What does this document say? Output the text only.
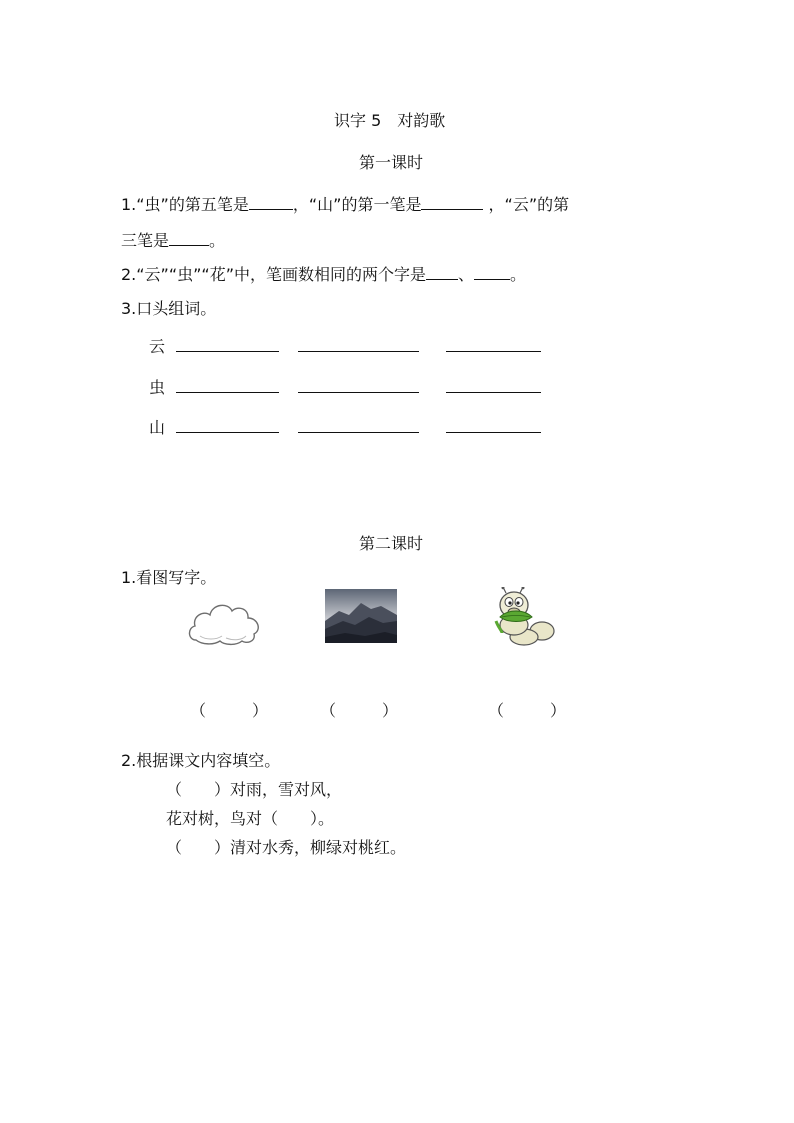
识字 5　对韵歌
第一课时
1.“虫”的第五笔是	，“山”的第一笔是	，“云”的第
三笔是	。
2.“云”“虫”“花”中，笔画数相同的两个字是 、 。
3.口头组词。
云
虫
山
第二课时
1.看图写字。
（	）	（	）	（	）
2.根据课文内容填空。
（　　）对雨，雪对风，
花对树，鸟对（　　）。
（　　）清对水秀，柳绿对桃红。
